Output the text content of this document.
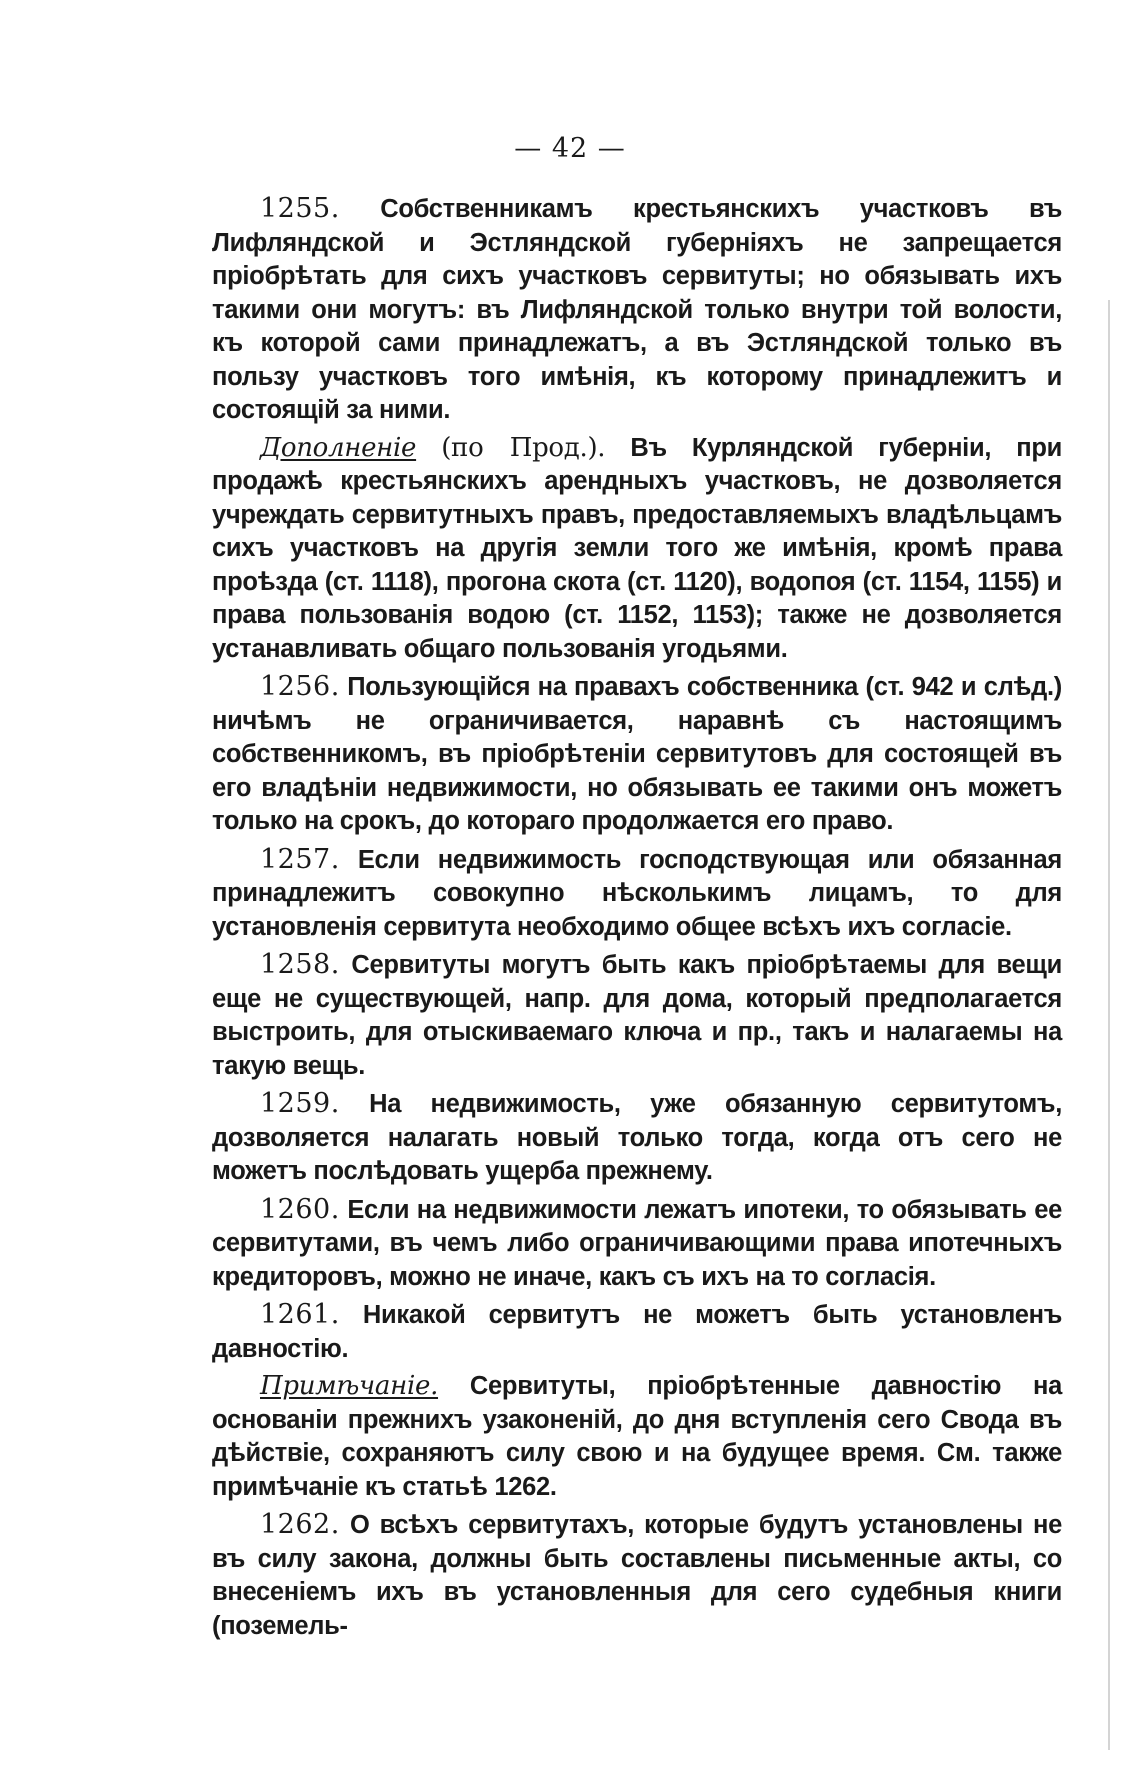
— 42 —

1255. Собственникамъ крестьянскихъ участковъ въ Лифляндской и Эстляндской губерніяхъ не запрещается пріобрѣтать для сихъ участковъ сервитуты; но обязывать ихъ такими они могутъ: въ Лифляндской только внутри той волости, къ которой сами принадлежатъ, а въ Эстляндской только въ пользу участковъ того имѣнія, къ которому принадлежитъ и состоящій за ними.

Дополненіе (по Прод.). Въ Курляндской губерніи, при продажѣ крестьянскихъ арендныхъ участковъ, не дозволяется учреждать сервитутныхъ правъ, предоставляемыхъ владѣльцамъ сихъ участковъ на другія земли того же имѣнія, кромѣ права проѣзда (ст. 1118), прогона скота (ст. 1120), водопоя (ст. 1154, 1155) и права пользованія водою (ст. 1152, 1153); также не дозволяется устанавливать общаго пользованія угодьями.

1256. Пользующійся на правахъ собственника (ст. 942 и слѣд.) ничѣмъ не ограничивается, наравнѣ съ настоящимъ собственникомъ, въ пріобрѣтеніи сервитутовъ для состоящей въ его владѣніи недвижимости, но обязывать ее такими онъ можетъ только на срокъ, до котораго продолжается его право.

1257. Если недвижимость господствующая или обязанная принадлежитъ совокупно нѣсколькимъ лицамъ, то для установленія сервитута необходимо общее всѣхъ ихъ согласіе.

1258. Сервитуты могутъ быть какъ пріобрѣтаемы для вещи еще не существующей, напр. для дома, который предполагается выстроить, для отыскиваемаго ключа и пр., такъ и налагаемы на такую вещь.

1259. На недвижимость, уже обязанную сервитутомъ, дозволяется налагать новый только тогда, когда отъ сего не можетъ послѣдовать ущерба прежнему.

1260. Если на недвижимости лежатъ ипотеки, то обязывать ее сервитутами, въ чемъ либо ограничивающими права ипотечныхъ кредиторовъ, можно не иначе, какъ съ ихъ на то согласія.

1261. Никакой сервитутъ не можетъ быть установленъ давностію.

Примѣчаніе. Сервитуты, пріобрѣтенные давностію на основаніи прежнихъ узаконеній, до дня вступленія сего Свода въ дѣйствіе, сохраняютъ силу свою и на будущее время. См. также примѣчаніе къ статьѣ 1262.

1262. О всѣхъ сервитутахъ, которые будутъ установлены не въ силу закона, должны быть составлены письменные акты, со внесеніемъ ихъ въ установленныя для сего судебныя книги (поземель-
